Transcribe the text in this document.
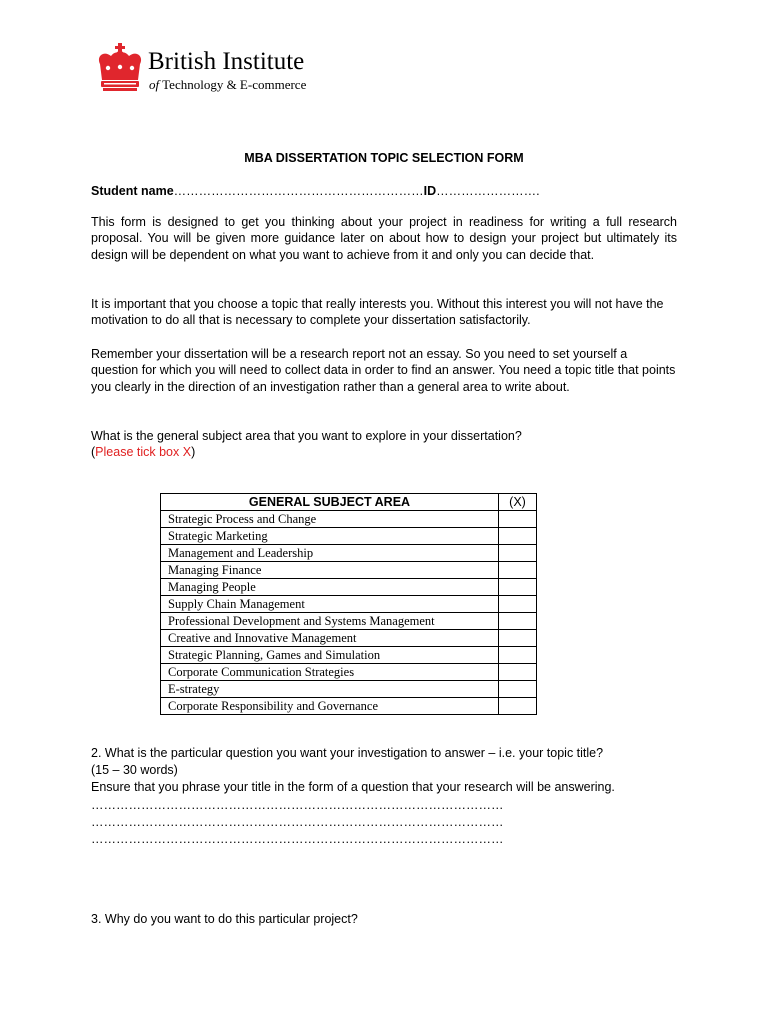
British Institute
of Technology & E-commerce
MBA DISSERTATION TOPIC SELECTION FORM
Student name……………………………………………………ID…………………….

This form is designed to get you thinking about your project in readiness for writing a full research proposal. You will be given more guidance later on about how to design your project but ultimately its design will be dependent on what you want to achieve from it and only you can decide that.

It is important that you choose a topic that really interests you. Without this interest you will not have the motivation to do all that is necessary to complete your dissertation satisfactorily.

Remember your dissertation will be a research report not an essay. So you need to set yourself a question for which you will need to collect data in order to find an answer. You need a topic title that points you clearly in the direction of an investigation rather than a general area to write about.

What is the general subject area that you want to explore in your dissertation?

(Please tick box X)

GENERAL SUBJECT AREA	(X)
Strategic Process and Change	
Strategic Marketing	
Management and Leadership	
Managing Finance	
Managing People	
Supply Chain Management	
Professional Development and Systems Management	
Creative and Innovative Management	
Strategic Planning, Games and Simulation	
Corporate Communication Strategies	
E-strategy	
Corporate Responsibility and Governance	

2. What is the particular question you want your investigation to answer – i.e. your topic title?

(15 – 30 words)

Ensure that you phrase your title in the form of a question that your research will be answering.

………………………………………………………………………………………
………………………………………………………………………………………
………………………………………………………………………………………

3. Why do you want to do this particular project?
